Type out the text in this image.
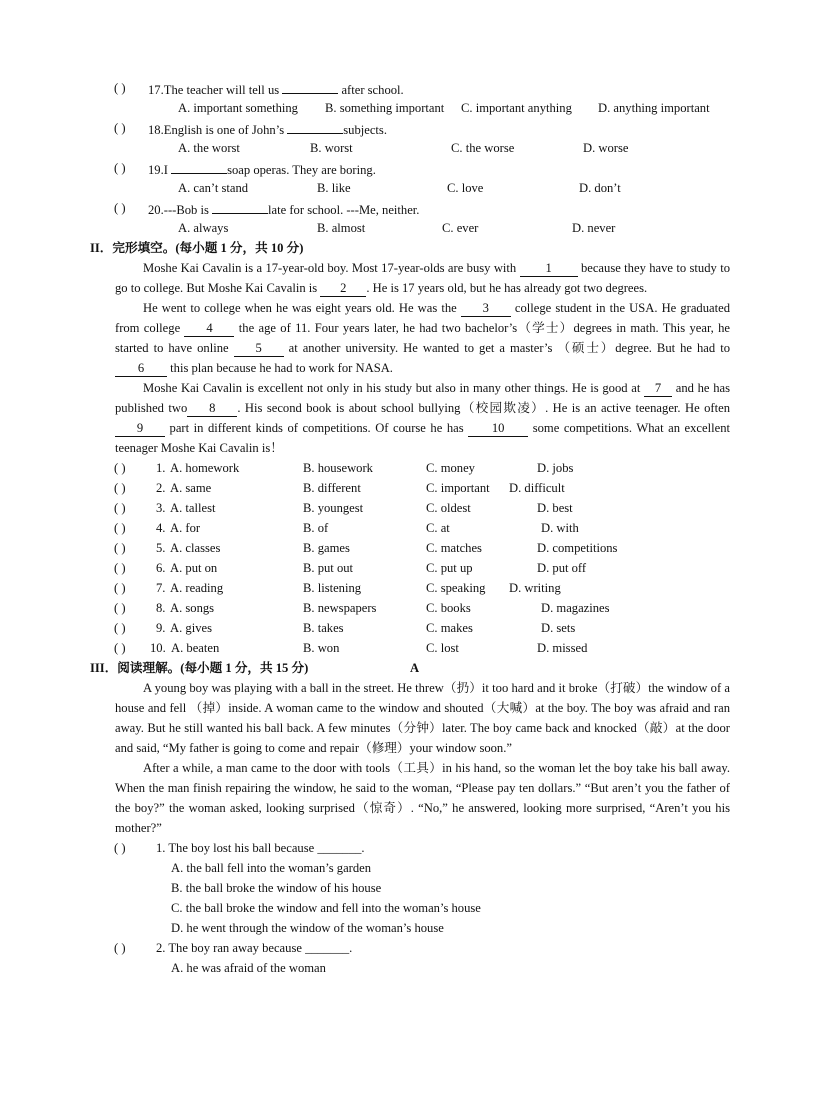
( ) 17.The teacher will tell us	after school.
A. important something B. something important C. important anything D. anything important
( ) 18.English is one of John’s	subjects.
A. the worst	B. worst	C. the worse	D. worse
( ) 19.I	soap operas. They are boring.
A. can’t stand	B. like	C. love	D. don’t
( ) 20.---Bob is	late for school. ---Me, neither.
A. always	B. almost	C. ever	D. never
II．完形填空。(每小题 1 分，共 10 分)
Moshe Kai Cavalin is a 17-year-old boy. Most 17-year-olds are busy with 1 because they have to study to go to college. But Moshe Kai Cavalin is 2 . He is 17 years old, but he has already got two degrees.
He went to college when he was eight years old. He was the 3 college student in the USA. He graduated from college 4 the age of 11. Four years later, he had two bachelor’s（学士）degrees in math. This year, he started to have online 5 at another university. He wanted to get a master’s （硕士）degree. But he had to 6 this plan because he had to work for NASA.
Moshe Kai Cavalin is excellent not only in his study but also in many other things. He is good at 7 and he has published two 8 . His second book is about school bullying（校园欺凌）. He is an active teenager. He often 9 part in different kinds of competitions. Of course he has 10 some competitions. What an excellent teenager Moshe Kai Cavalin is！
( ) 1. A. homework	B. housework	C. money	D. jobs
( ) 2. A. same	B. different	C. important D. difficult
( ) 3. A. tallest	B. youngest	C. oldest	D. best
( ) 4. A. for	B. of	C. at	D. with
( ) 5. A. classes	B. games	C. matches	D. competitions
( ) 6. A. put on	B. put out	C. put up	D. put off
( ) 7. A. reading	B. listening	C. speaking D. writing
( ) 8. A. songs	B. newspapers	C. books	D. magazines
( ) 9. A. gives	B. takes	C. makes	D. sets
( ) 10. A. beaten	B. won	C. lost	D. missed
III．阅读理解。(每小题 1 分，共 15 分)	A
A young boy was playing with a ball in the street. He threw（扔）it too hard and it broke（打破）the window of a house and fell （掉）inside. A woman came to the window and shouted（大喊）at the boy. The boy was afraid and ran away. But he still wanted his ball back. A few minutes（分钟）later. The boy came back and knocked（敲）at the door and said, “My father is going to come and repair（修理）your window soon.”
After a while, a man came to the door with tools（工具）in his hand, so the woman let the boy take his ball away. When the man finish repairing the window, he said to the woman, “Please pay ten dollars.” “But aren’t you the father of the boy?” the woman asked, looking surprised（惊奇）. “No,” he answered, looking more surprised, “Aren’t you his mother?”
( ) 1. The boy lost his ball because _______.
A. the ball fell into the woman’s garden
B. the ball broke the window of his house
C. the ball broke the window and fell into the woman’s house
D. he went through the window of the woman’s house
( ) 2. The boy ran away because _______.
A. he was afraid of the woman
